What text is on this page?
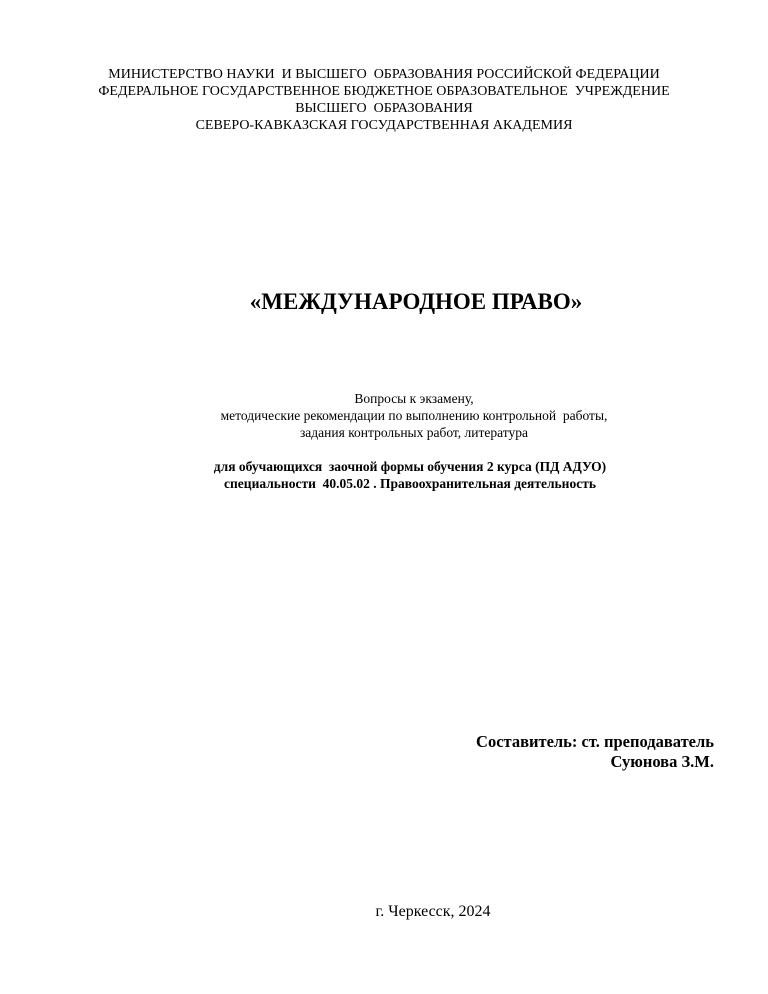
МИНИСТЕРСТВО НАУКИ  И ВЫСШЕГО  ОБРАЗОВАНИЯ РОССИЙСКОЙ ФЕДЕРАЦИИ
ФЕДЕРАЛЬНОЕ ГОСУДАРСТВЕННОЕ БЮДЖЕТНОЕ ОБРАЗОВАТЕЛЬНОЕ  УЧРЕЖДЕНИЕ
ВЫСШЕГО  ОБРАЗОВАНИЯ
СЕВЕРО-КАВКАЗСКАЯ ГОСУДАРСТВЕННАЯ АКАДЕМИЯ
«МЕЖДУНАРОДНОЕ ПРАВО»
Вопросы к экзамену,
методические рекомендации по выполнению контрольной  работы,
задания контрольных работ, литература
для обучающихся  заочной формы обучения 2 курса (ПД АДУО)
специальности  40.05.02 . Правоохранительная деятельность
Составитель: ст. преподаватель
Суюнова З.М.
г. Черкесск, 2024
